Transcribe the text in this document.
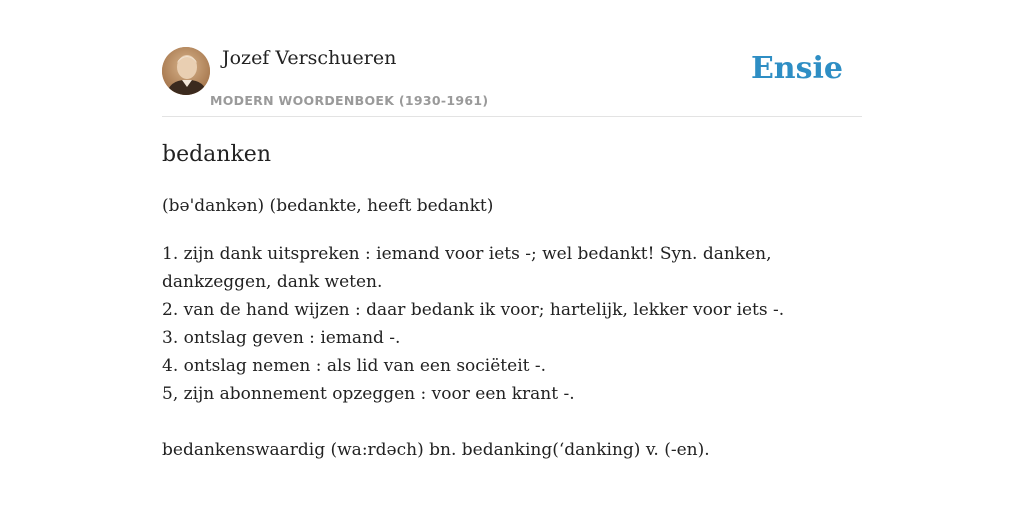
Jozef Verschueren
MODERN WOORDENBOEK (1930-1961)
Ensie
bedanken
(bə'dankən) (bedankte, heeft bedankt)
1. zijn dank uitspreken : iemand voor iets -; wel bedankt! Syn. danken,
dankzeggen, dank weten.
2. van de hand wijzen : daar bedank ik voor; hartelijk, lekker voor iets -.
3. ontslag geven : iemand -.
4. ontslag nemen : als lid van een sociëteit -.
5, zijn abonnement opzeggen : voor een krant -.
bedankenswaardig (wa:rdəch) bn. bedanking(‘danking) v. (-en).
